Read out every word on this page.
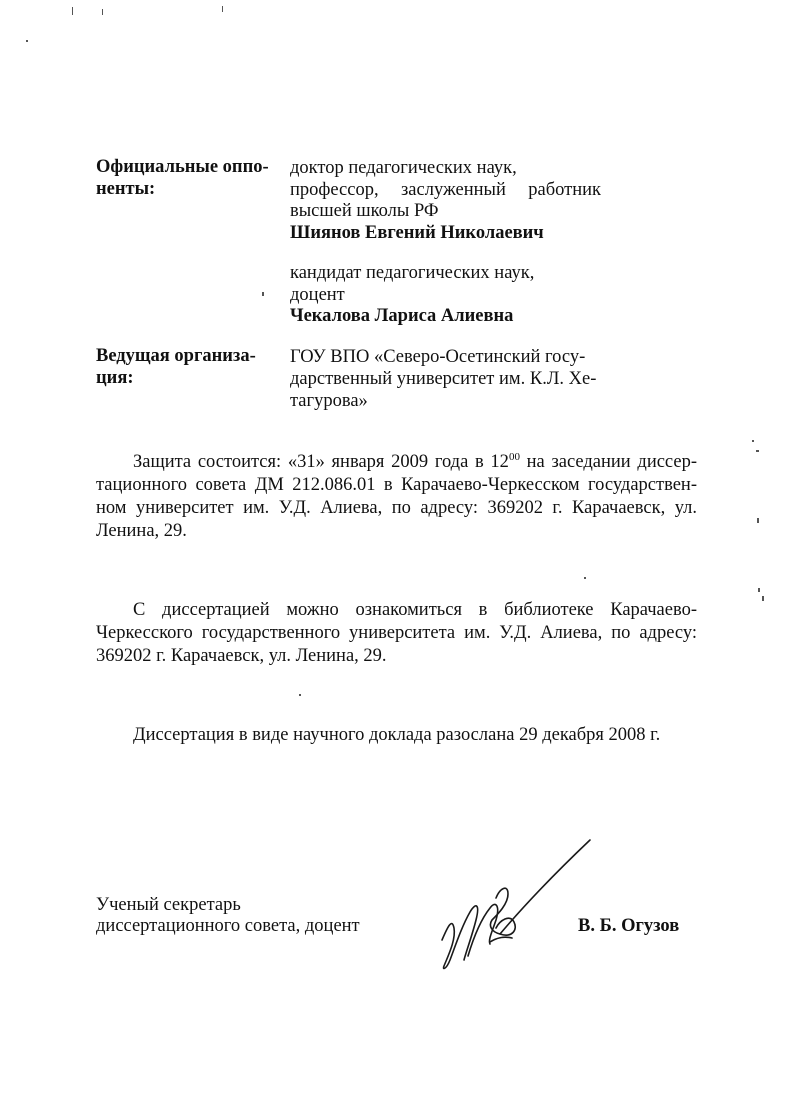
Официальные оппо-
ненты:
доктор педагогических наук,
профессор, заслуженный работник
высшей школы РФ
Шиянов Евгений Николаевич
кандидат педагогических наук,
доцент
Чекалова Лариса Алиевна
Ведущая организа-
ция:
ГОУ ВПО «Северо-Осетинский госу-
дарственный университет им. К.Л. Хе-
тагурова»
Защита состоится: «31» января 2009 года в $12^{00}$ на заседании диссер-
тационного совета ДМ 212.086.01 в Карачаево-Черкесском государствен-
ном университет им. У.Д. Алиева, по адресу: 369202 г. Карачаевск, ул.
Ленина, 29.
С диссертацией можно ознакомиться в библиотеке Карачаево-
Черкесского государственного университета им. У.Д. Алиева, по адресу:
369202 г. Карачаевск, ул. Ленина, 29.
Диссертация в виде научного доклада разослана 29 декабря 2008 г.
Ученый секретарь
диссертационного совета, доцент	В. Б. Огузов
